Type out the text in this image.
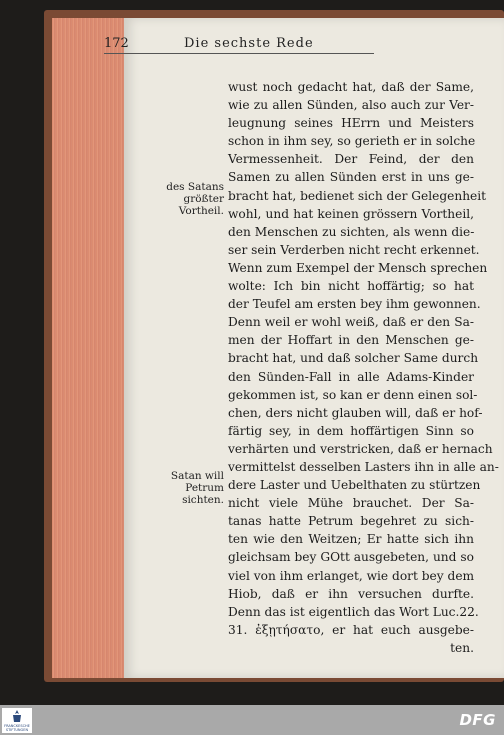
172	Die sechste Rede
des Satans
größter
Vortheil.
Satan will
Petrum
sichten.
wust noch gedacht hat, daß der Same,
wie zu allen Sünden, also auch zur Ver-
leugnung seines HErrn und Meisters
schon in ihm sey, so gerieth er in solche
Vermessenheit. Der Feind, der den
Samen zu allen Sünden erst in uns ge-
bracht hat, bedienet sich der Gelegenheit
wohl, und hat keinen grössern Vortheil,
den Menschen zu sichten, als wenn die-
ser sein Verderben nicht recht erkennet.
Wenn zum Exempel der Mensch sprechen
wolte: Ich bin nicht hoffärtig; so hat
der Teufel am ersten bey ihm gewonnen.
Denn weil er wohl weiß, daß er den Sa-
men der Hoffart in den Menschen ge-
bracht hat, und daß solcher Same durch
den Sünden-Fall in alle Adams-Kinder
gekommen ist, so kan er denn einen sol-
chen, ders nicht glauben will, daß er hof-
färtig sey, in dem hoffärtigen Sinn so
verhärten und verstricken, daß er hernach
vermittelst desselben Lasters ihn in alle an-
dere Laster und Uebelthaten zu stürtzen
nicht viele Mühe brauchet. Der Sa-
tanas hatte Petrum begehret zu sich-
ten wie den Weitzen; Er hatte sich ihn
gleichsam bey GOtt ausgebeten, und so
viel von ihm erlanget, wie dort bey dem
Hiob, daß er ihn versuchen durfte.
Denn das ist eigentlich das Wort Luc.22.
31. ἐξῃτήσατο, er hat euch ausgebe-
ten.
FRANCKESCHE STIFTUNGEN
DFG
